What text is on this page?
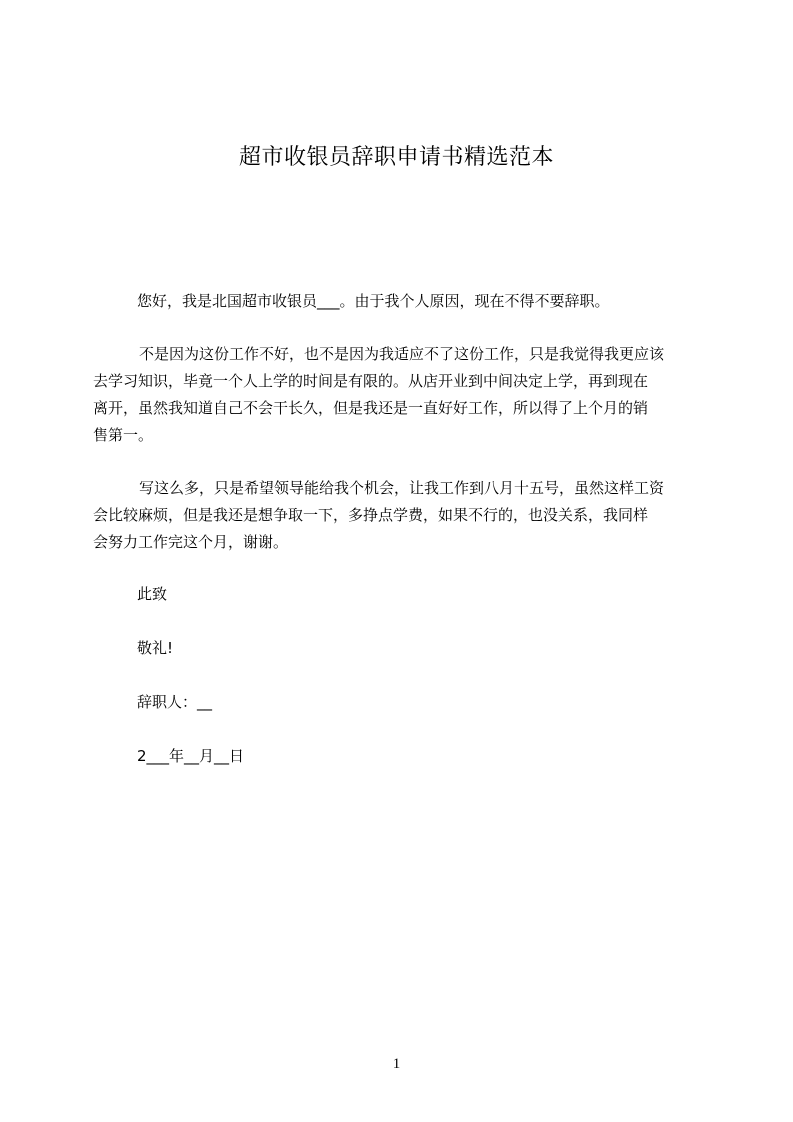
超市收银员辞职申请书精选范本
您好，我是北国超市收银员___。由于我个人原因，现在不得不要辞职。
不是因为这份工作不好，也不是因为我适应不了这份工作，只是我觉得我更应该
去学习知识，毕竟一个人上学的时间是有限的。从店开业到中间决定上学，再到现在
离开，虽然我知道自己不会干长久，但是我还是一直好好工作，所以得了上个月的销
售第一。
写这么多，只是希望领导能给我个机会，让我工作到八月十五号，虽然这样工资
会比较麻烦，但是我还是想争取一下，多挣点学费，如果不行的，也没关系，我同样
会努力工作完这个月，谢谢。
此致
敬礼!
辞职人：__
2___年__月__日
1
